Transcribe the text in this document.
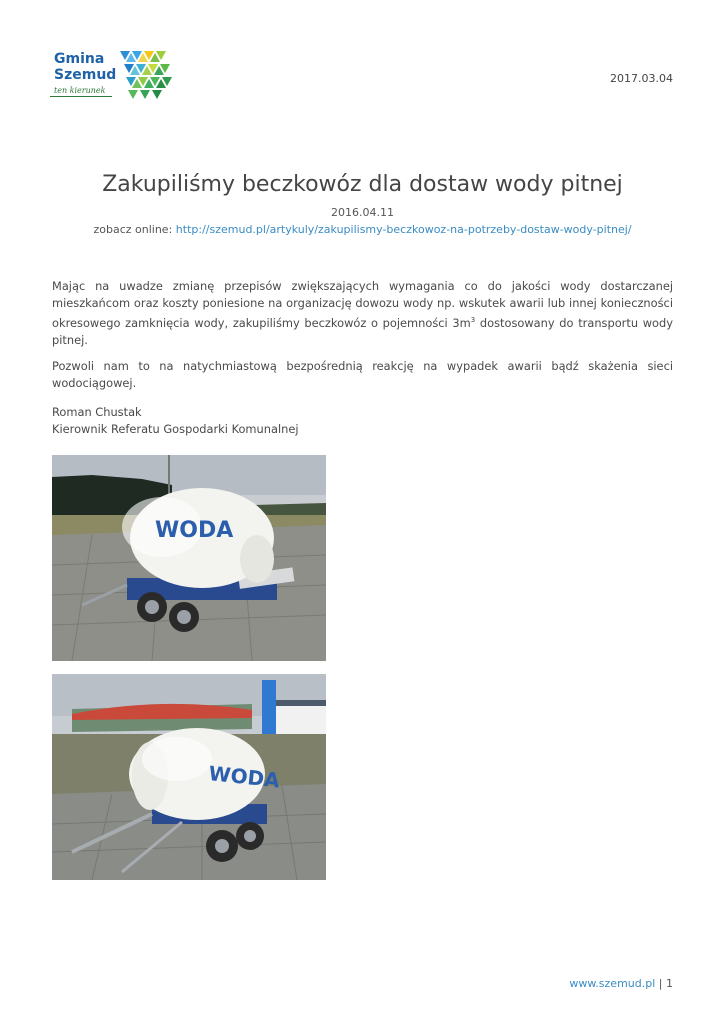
Gmina
Szemud
ten kierunek
2017.03.04
Zakupiliśmy beczkowóz dla dostaw wody pitnej
2016.04.11
zobacz online: http://szemud.pl/artykuly/zakupilismy-beczkowoz-na-potrzeby-dostaw-wody-pitnej/

Mając na uwadze zmianę przepisów zwiększających wymagania co do jakości wody dostarczanej mieszkańcom oraz koszty poniesione na organizację dowozu wody np. wskutek awarii lub innej konieczności okresowego zamknięcia wody, zakupiliśmy beczkowóz o pojemności $3m^3$ dostosowany do transportu wody pitnej.

Pozwoli nam to na natychmiastową bezpośrednią reakcję na wypadek awarii bądź skażenia sieci wodociągowej.

Roman Chustak
Kierownik Referatu Gospodarki Komunalnej

WODA
WODA
www.szemud.pl | 1
